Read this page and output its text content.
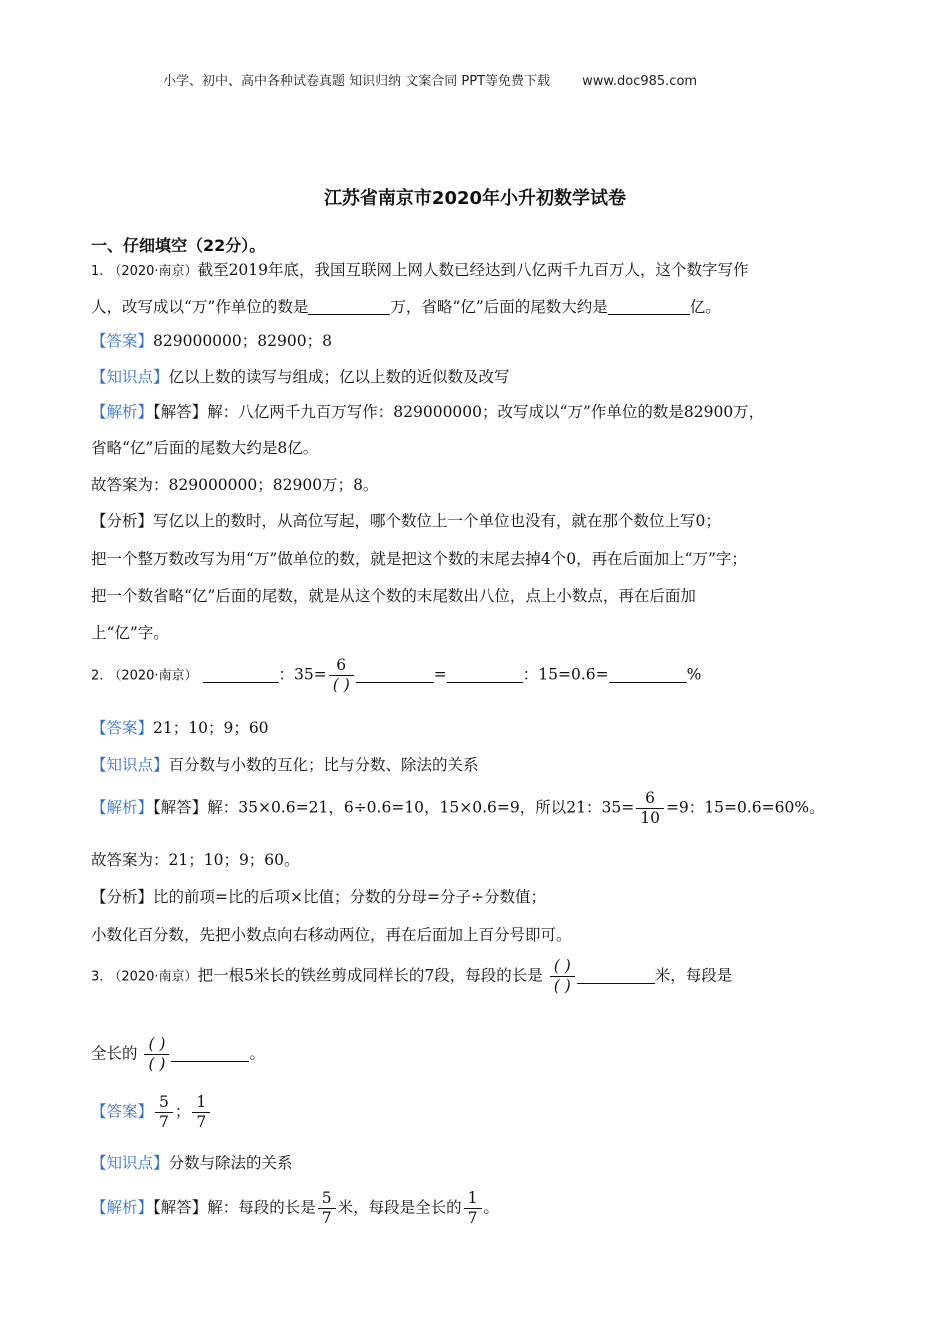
小学、初中、高中各种试卷真题 知识归纳 文案合同 PPT等免费下载 www.doc985.com
江苏省南京市2020年小升初数学试卷
一、仔细填空（22分）。
1. （2020·南京）截至2019年底，我国互联网上网人数已经达到八亿两千九百万人，这个数字写作
人，改写成以“万”作单位的数是	万，省略“亿”后面的尾数大约是	亿。
【答案】829000000；82900；8
【知识点】亿以上数的读写与组成；亿以上数的近似数及改写
【解析】【解答】解：八亿两千九百万写作：829000000；改写成以“万”作单位的数是82900万，
省略“亿”后面的尾数大约是8亿。
故答案为：829000000；82900万；8。
【分析】写亿以上的数时，从高位写起，哪个数位上一个单位也没有，就在那个数位上写0；
把一个整万数改写为用“万”做单位的数，就是把这个数的末尾去掉4个0，再在后面加上“万”字；
把一个数省略“亿”后面的尾数，就是从这个数的末尾数出八位，点上小数点，再在后面加
上“亿”字。
2. （2020·南京）	：$35= \frac{6}{( )}$	=	：15=0.6=	%
【答案】21；10；9；60
【知识点】百分数与小数的互化；比与分数、除法的关系
【解析】【解答】解：35×0.6=21，6÷0.6=10，15×0.6=9，所以21：$35= \frac{6}{10} =9$：15=0.6=60%。
故答案为：21；10；9；60。
【分析】比的前项=比的后项×比值；分数的分母=分子÷分数值；
小数化百分数，先把小数点向右移动两位，再在后面加上百分号即可。
3. （2020·南京）把一根5米长的铁丝剪成同样长的7段，每段的长是 $\frac{( )}{( )}$	米，每段是
全长的 $\frac{( )}{( )}$	。
【答案】 $\frac{5}{7}$ ； $\frac{1}{7}$
【知识点】分数与除法的关系
【解析】【解答】解：每段的长是 $\frac{5}{7}$ 米，每段是全长的 $\frac{1}{7}$ 。
